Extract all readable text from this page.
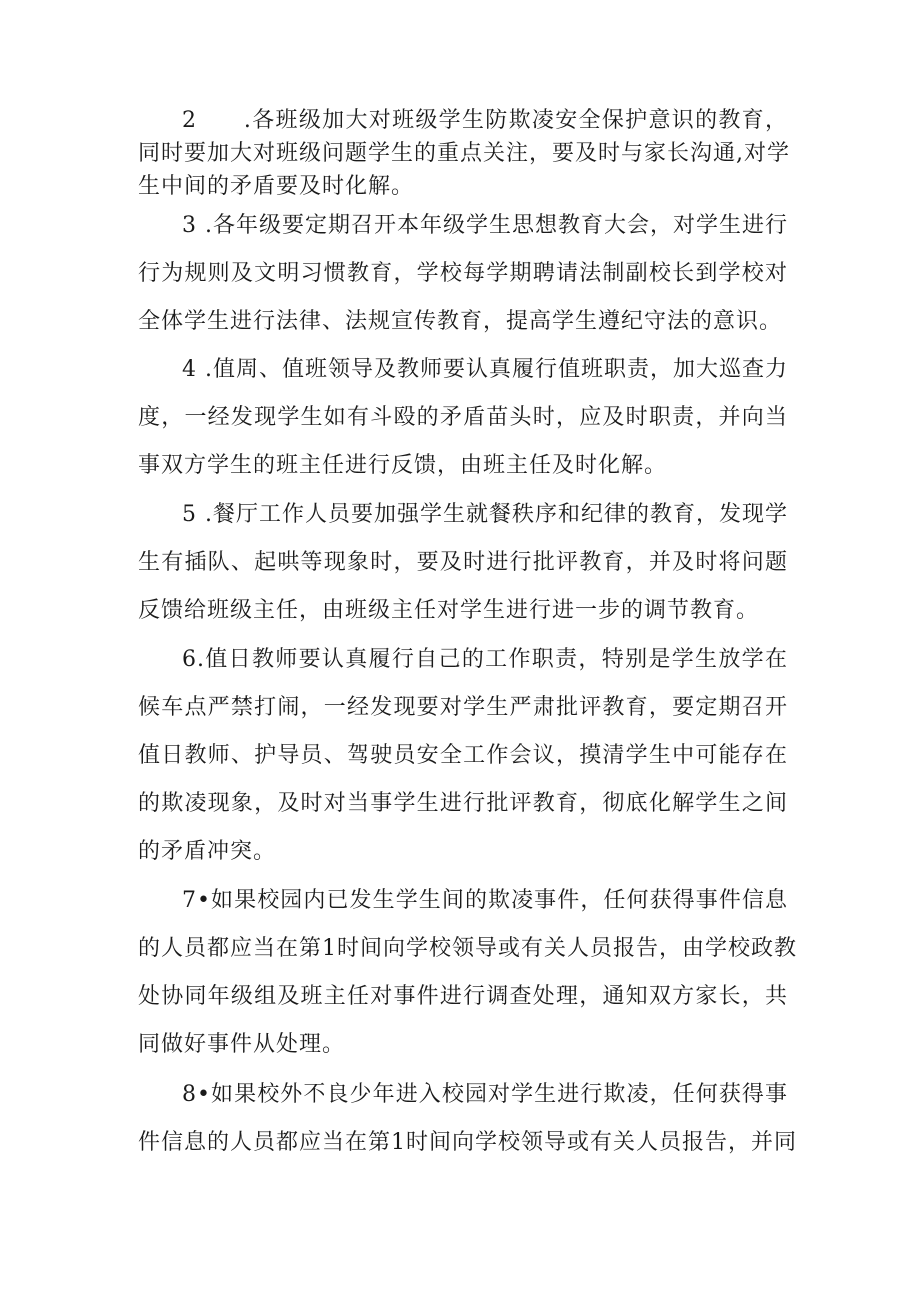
2　　.各班级加大对班级学生防欺凌安全保护意识的教育，
同时要加大对班级问题学生的重点关注，要及时与家长沟通,对学
生中间的矛盾要及时化解。
3 .各年级要定期召开本年级学生思想教育大会，对学生进行
行为规则及文明习惯教育，学校每学期聘请法制副校长到学校对
全体学生进行法律、法规宣传教育，提高学生遵纪守法的意识。
4 .值周、值班领导及教师要认真履行值班职责，加大巡查力
度，一经发现学生如有斗殴的矛盾苗头时，应及时职责，并向当
事双方学生的班主任进行反馈，由班主任及时化解。
5 .餐厅工作人员要加强学生就餐秩序和纪律的教育，发现学
生有插队、起哄等现象时，要及时进行批评教育，并及时将问题
反馈给班级主任，由班级主任对学生进行进一步的调节教育。
6.值日教师要认真履行自己的工作职责，特别是学生放学在
候车点严禁打闹，一经发现要对学生严肃批评教育，要定期召开
值日教师、护导员、驾驶员安全工作会议，摸清学生中可能存在
的欺凌现象，及时对当事学生进行批评教育，彻底化解学生之间
的矛盾冲突。
7•如果校园内已发生学生间的欺凌事件，任何获得事件信息
的人员都应当在第1时间向学校领导或有关人员报告，由学校政教
处协同年级组及班主任对事件进行调查处理，通知双方家长，共
同做好事件从处理。
8•如果校外不良少年进入校园对学生进行欺凌，任何获得事
件信息的人员都应当在第1时间向学校领导或有关人员报告，并同
